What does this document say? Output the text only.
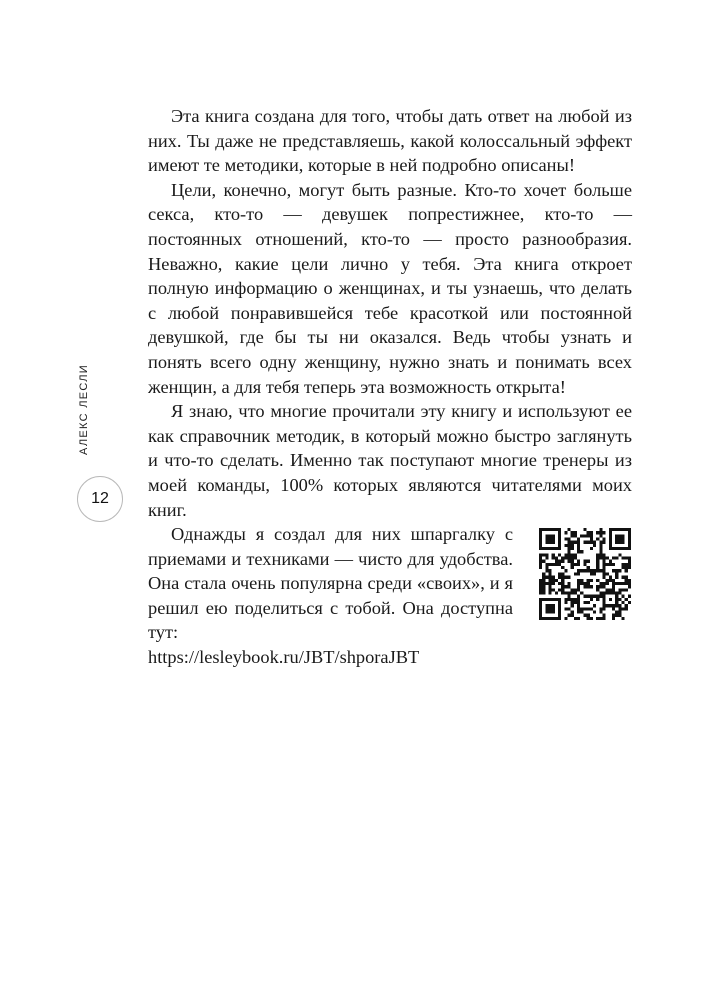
АЛЕКС ЛЕСЛИ
12

Эта книга создана для того, чтобы дать ответ на любой из них. Ты даже не представляешь, какой колоссальный эффект имеют те методики, которые в ней подробно описаны!

Цели, конечно, могут быть разные. Кто-то хочет больше секса, кто-то — девушек попрестижнее, кто-то — постоянных отношений, кто-то — просто разнообразия. Неважно, какие цели лично у тебя. Эта книга откроет полную информацию о женщинах, и ты узнаешь, что делать с любой понравившейся тебе красоткой или постоянной девушкой, где бы ты ни оказался. Ведь чтобы узнать и понять всего одну женщину, нужно знать и понимать всех женщин, а для тебя теперь эта возможность открыта!

Я знаю, что многие прочитали эту книгу и используют ее как справочник методик, в который можно быстро заглянуть и что-то сделать. Именно так поступают многие тренеры из моей команды, 100% которых являются читателями моих книг.

Однажды я создал для них шпаргалку с приемами и техниками — чисто для удобства. Она стала очень популярна среди «своих», и я решил ею поделиться с тобой. Она доступна тут:

https://lesleybook.ru/JBT/shporaJBT
